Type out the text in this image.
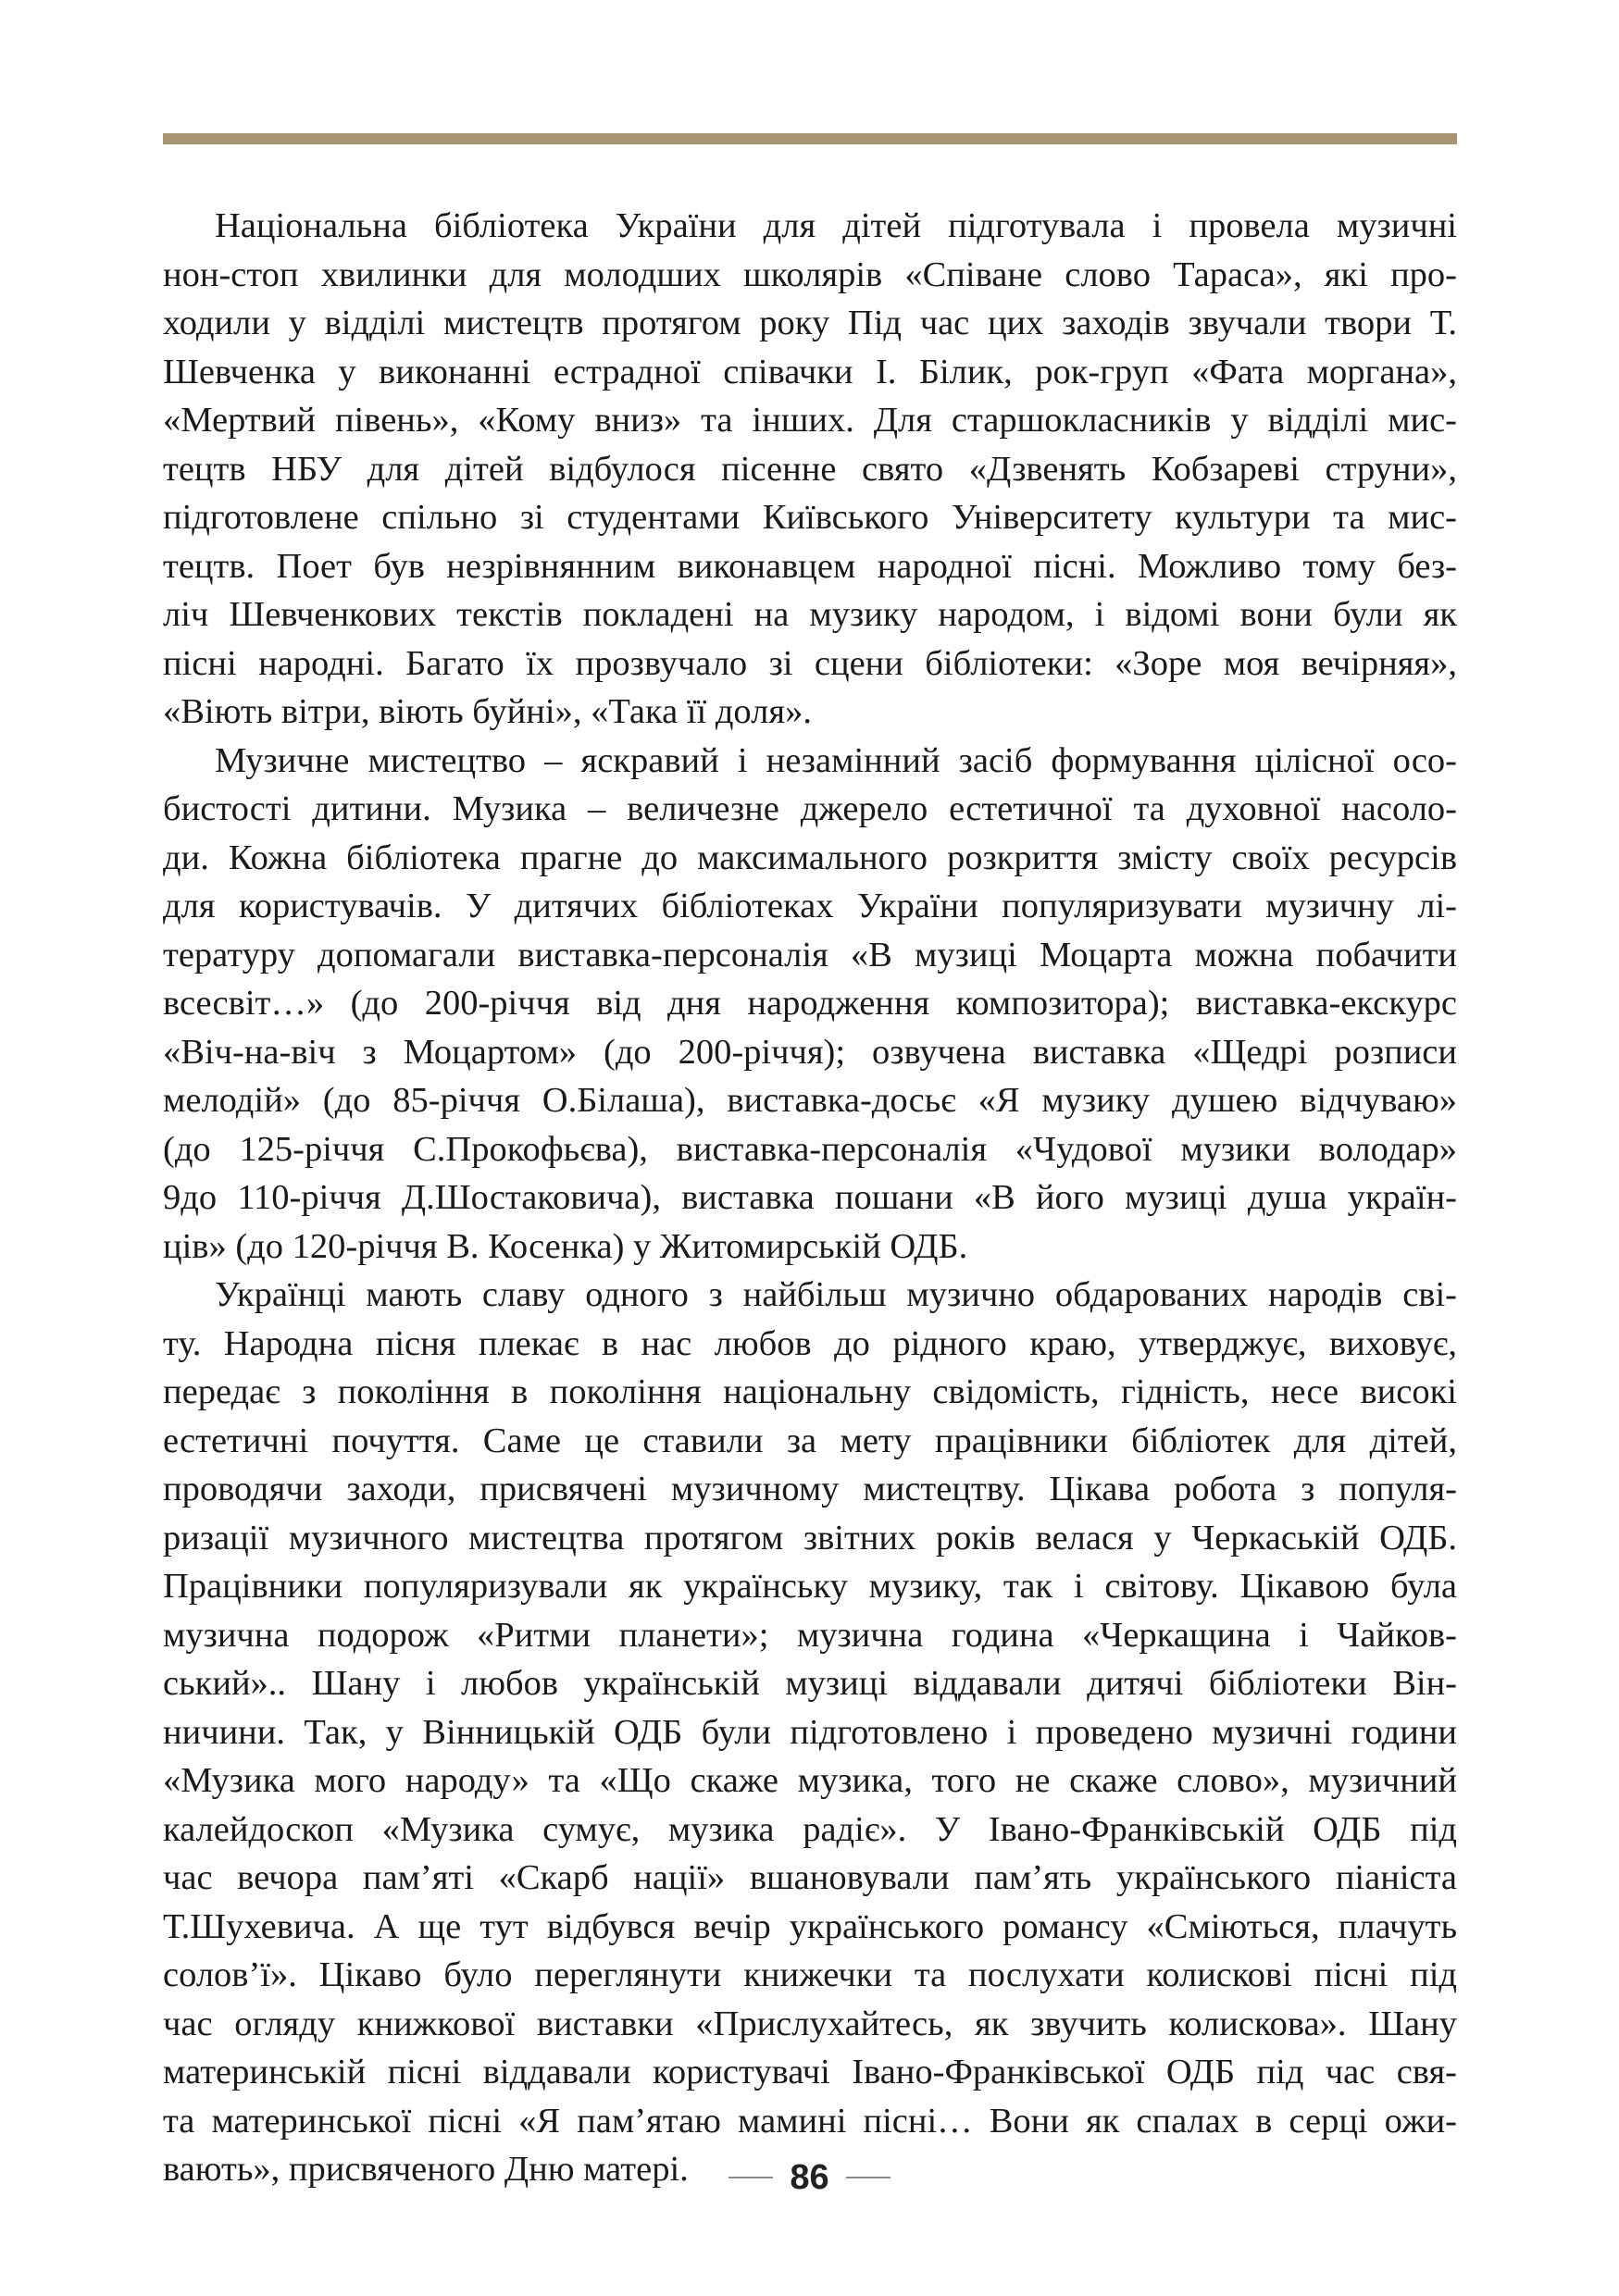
Національна бібліотека України для дітей підготувала і провела музичні
нон-стоп хвилинки для молодших школярів «Співане слово Тараса», які про-
ходили у відділі мистецтв протягом року Під час цих заходів звучали твори Т.
Шевченка у виконанні естрадної співачки І. Білик, рок-груп «Фата моргана»,
«Мертвий півень», «Кому вниз» та інших. Для старшокласників у відділі мис-
тецтв НБУ для дітей відбулося пісенне свято «Дзвенять Кобзареві струни»,
підготовлене спільно зі студентами Київського Університету культури та мис-
тецтв. Поет був незрівнянним виконавцем народної пісні. Можливо тому без-
ліч Шевченкових текстів покладені на музику народом, і відомі вони були як
пісні народні. Багато їх прозвучало зі сцени бібліотеки: «Зоре моя вечірняя»,
«Віють вітри, віють буйні», «Така її доля».
Музичне мистецтво – яскравий і незамінний засіб формування цілісної осо-
бистості дитини. Музика – величезне джерело естетичної та духовної насоло-
ди. Кожна бібліотека прагне до максимального розкриття змісту своїх ресурсів
для користувачів. У дитячих бібліотеках України популяризувати музичну лі-
тературу допомагали виставка-персоналія «В музиці Моцарта можна побачити
всесвіт…» (до 200-річчя від дня народження композитора); виставка-екскурс
«Віч-на-віч з Моцартом» (до 200-річчя); озвучена виставка «Щедрі розписи
мелодій» (до 85-річчя О.Білаша), виставка-досьє «Я музику душею відчуваю»
(до 125-річчя С.Прокофьєва), виставка-персоналія «Чудової музики володар»
9до 110-річчя Д.Шостаковича), виставка пошани «В його музиці душа україн-
ців» (до 120-річчя В. Косенка) у Житомирській ОДБ.
Українці мають славу одного з найбільш музично обдарованих народів сві-
ту. Народна пісня плекає в нас любов до рідного краю, утверджує, виховує,
передає з покоління в покоління національну свідомість, гідність, несе високі
естетичні почуття. Саме це ставили за мету працівники бібліотек для дітей,
проводячи заходи, присвячені музичному мистецтву. Цікава робота з популя-
ризації музичного мистецтва протягом звітних років велася у Черкаській ОДБ.
Працівники популяризували як українську музику, так і світову. Цікавою була
музична подорож «Ритми планети»; музична година «Черкащина і Чайков-
ський».. Шану і любов українській музиці віддавали дитячі бібліотеки Він-
ничини. Так, у Вінницькій ОДБ були підготовлено і проведено музичні години
«Музика мого народу» та «Що скаже музика, того не скаже слово», музичний
калейдоскоп «Музика сумує, музика радіє». У Івано-Франківській ОДБ під
час вечора пам’яті «Скарб нації» вшановували пам’ять українського піаніста
Т.Шухевича. А ще тут відбувся вечір українського романсу «Сміються, плачуть
солов’ї». Цікаво було переглянути книжечки та послухати колискові пісні під
час огляду книжкової виставки «Прислухайтесь, як звучить колискова». Шану
материнській пісні віддавали користувачі Івано-Франківської ОДБ під час свя-
та материнської пісні «Я пам’ятаю мамині пісні… Вони як спалах в серці ожи-
вають», присвяченого Дню матері.	86
